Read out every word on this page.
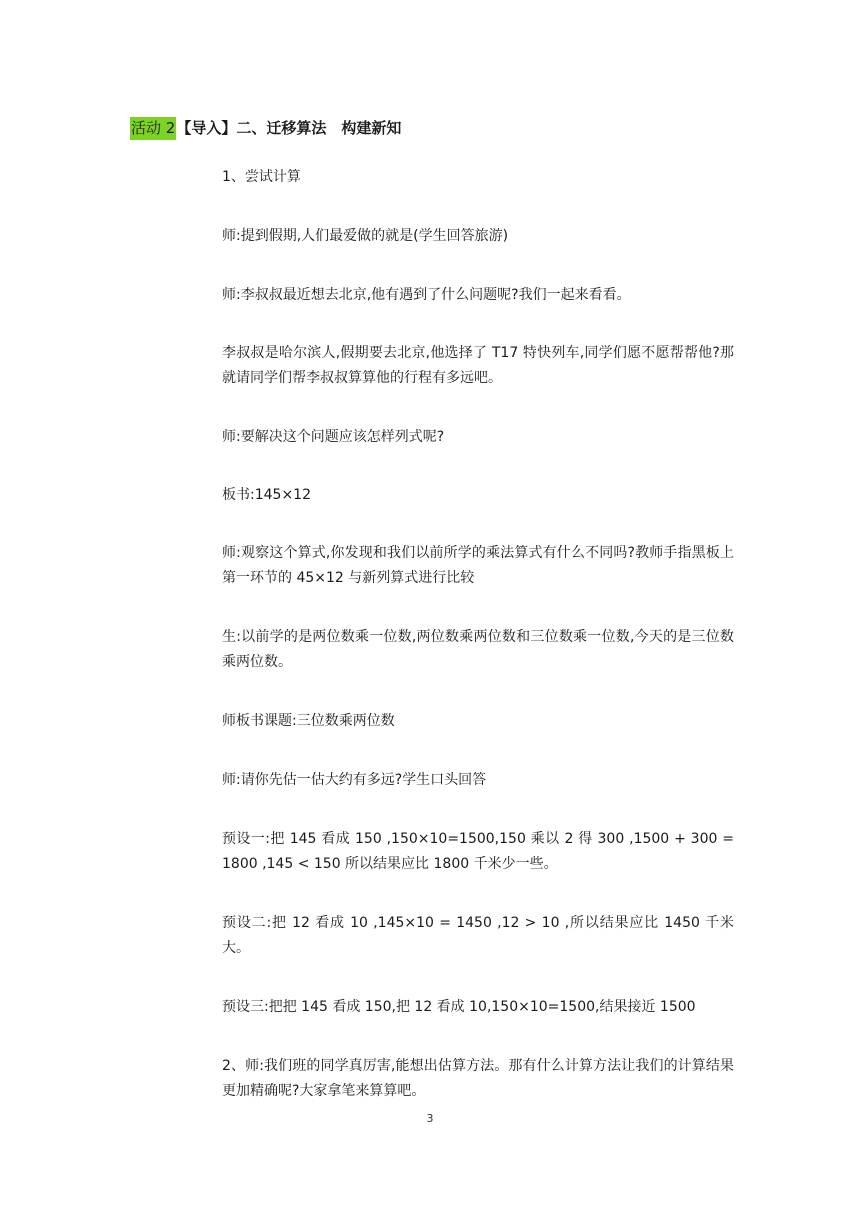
活动 2【导入】二、迁移算法　构建新知

1、尝试计算

师:提到假期,人们最爱做的就是(学生回答旅游)

师:李叔叔最近想去北京,他有遇到了什么问题呢?我们一起来看看。

李叔叔是哈尔滨人,假期要去北京,他选择了 T17 特快列车,同学们愿不愿帮帮他?那就请同学们帮李叔叔算算他的行程有多远吧。

师:要解决这个问题应该怎样列式呢?

板书:145×12

师:观察这个算式,你发现和我们以前所学的乘法算式有什么不同吗?教师手指黑板上第一环节的 45×12 与新列算式进行比较

生:以前学的是两位数乘一位数,两位数乘两位数和三位数乘一位数,今天的是三位数乘两位数。

师板书课题:三位数乘两位数

师:请你先估一估大约有多远?学生口头回答

预设一:把 145 看成 150 ,150×10=1500,150 乘以 2 得 300 ,1500 + 300 = 1800 ,145 < 150 所以结果应比 1800 千米少一些。

预设二:把 12 看成 10 ,145×10 = 1450 ,12 > 10 ,所以结果应比 1450 千米大。

预设三:把把 145 看成 150,把 12 看成 10,150×10=1500,结果接近 1500

2、师:我们班的同学真厉害,能想出估算方法。那有什么计算方法让我们的计算结果更加精确呢?大家拿笔来算算吧。

3
